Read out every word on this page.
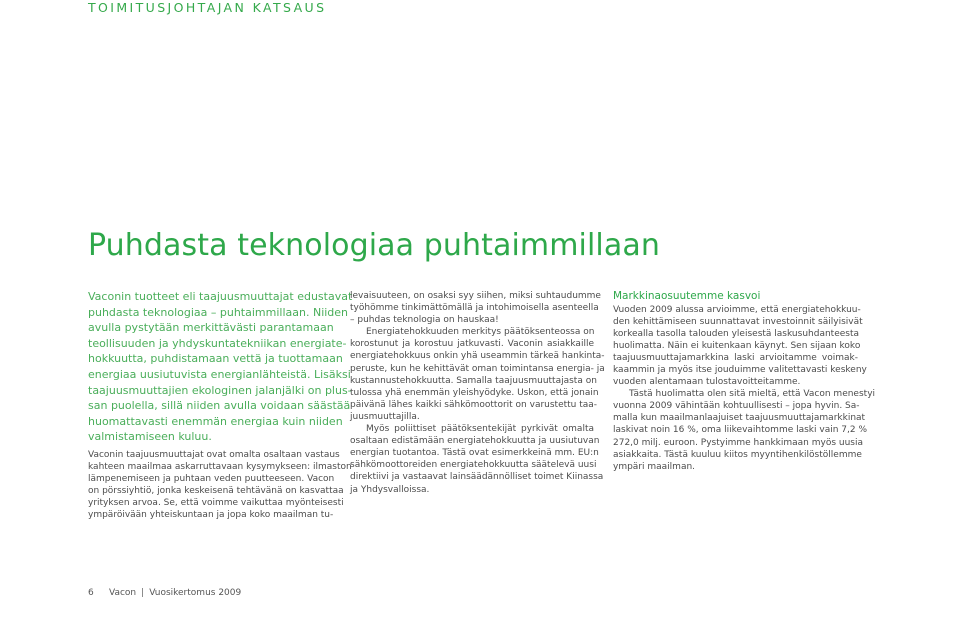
TOIMITUSJOHTAJAN KATSAUS
Puhdasta teknologiaa puhtaimmillaan

Vaconin tuotteet eli taajuusmuuttajat edustavat
puhdasta teknologiaa – puhtaimmillaan. Niiden
avulla pystytään merkittävästi parantamaan
teollisuuden ja yhdyskuntatekniikan energiate-
hokkuutta, puhdistamaan vettä ja tuottamaan
energiaa uusiutuvista energianlähteistä. Lisäksi
taajuusmuuttajien ekologinen jalanjälki on plus-
san puolella, sillä niiden avulla voidaan säästää
huomattavasti enemmän energiaa kuin niiden
valmistamiseen kuluu.

Vaconin taajuusmuuttajat ovat omalta osaltaan vastaus
kahteen maailmaa askarruttavaan kysymykseen: ilmaston
lämpenemiseen ja puhtaan veden puutteeseen. Vacon
on pörssiyhtiö, jonka keskeisenä tehtävänä on kasvattaa
yrityksen arvoa. Se, että voimme vaikuttaa myönteisesti
ympäröivään yhteiskuntaan ja jopa koko maailman tu-
levaisuuteen, on osaksi syy siihen, miksi suhtaudumme
työhömme tinkimättömällä ja intohimoisella asenteella
– puhdas teknologia on hauskaa!
Energiatehokkuuden merkitys päätöksenteossa on
korostunut ja korostuu jatkuvasti. Vaconin asiakkaille
energiatehokkuus onkin yhä useammin tärkeä hankinta-
peruste, kun he kehittävät oman toimintansa energia- ja
kustannustehokkuutta. Samalla taajuusmuuttajasta on
tulossa yhä enemmän yleishyödyke. Uskon, että jonain
päivänä lähes kaikki sähkömoottorit on varustettu taa-
juusmuuttajilla.
Myös poliittiset päätöksentekijät pyrkivät omalta
osaltaan edistämään energiatehokkuutta ja uusiutuvan
energian tuotantoa. Tästä ovat esimerkkeinä mm. EU:n
sähkömoottoreiden energiatehokkuutta säätelevä uusi
direktiivi ja vastaavat lainsäädännölliset toimet Kiinassa
ja Yhdysvalloissa.
Markkinaosuutemme kasvoi
Vuoden 2009 alussa arvioimme, että energiatehokkuu-
den kehittämiseen suunnattavat investoinnit säilyisivät
korkealla tasolla talouden yleisestä laskusuhdanteesta
huolimatta. Näin ei kuitenkaan käynyt. Sen sijaan koko
taajuusmuuttajamarkkina laski arvioitamme voimak-
kaammin ja myös itse jouduimme valitettavasti keskeny
vuoden alentamaan tulostavoitteitamme.
Tästä huolimatta olen sitä mieltä, että Vacon menestyi
vuonna 2009 vähintään kohtuullisesti – jopa hyvin. Sa-
malla kun maailmanlaajuiset taajuusmuuttajamarkkinat
laskivat noin 16 %, oma liikevaihtomme laski vain 7,2 %
272,0 milj. euroon. Pystyimme hankkimaan myös uusia
asiakkaita. Tästä kuuluu kiitos myyntihenkilöstöllemme
ympäri maailman.
6 Vacon | Vuosikertomus 2009
